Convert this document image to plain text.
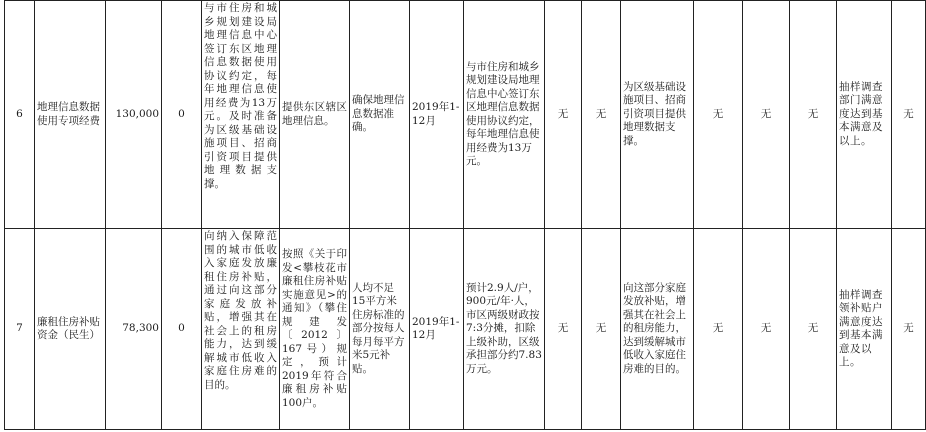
6	地理信息数据使用专项经费	130,000	0	与市住房和城乡规划建设局地理信息中心签订东区地理信息数据使用协议约定，每年地理信息使用经费为13万元。及时准备为区级基础设施项目、招商引资项目提供地理数据支撑。	提供东区辖区地理信息。	确保地理信息数据准确。	2019年1-12月	与市住房和城乡规划建设局地理信息中心签订东区地理信息数据使用协议约定，每年地理信息使用经费为13万元。	无	无	为区级基础设施项目、招商引资项目提供地理数据支撑。	无	无	无	抽样调查部门满意度达到基本满意及以上。	无
7	廉租住房补贴资金（民生）	78,300	0	向纳入保障范围的城市低收入家庭发放廉租住房补贴，通过向这部分家庭发放补贴，增强其在社会上的租房能力，达到缓解城市低收入家庭住房难的目的。	按照《关于印发<攀枝花市廉租住房补贴实施意见>的通知》（攀住规建发〔2012〕167号）规定，预计2019年符合廉租房补贴100户。	人均不足15平方米住房标准的部分按每人每月每平方米5元补贴。	2019年1-12月	预计2.9人/户，900元/年·人，市区两级财政按7:3分摊，扣除上级补助，区级承担部分约7.83万元。	无	无	向这部分家庭发放补贴，增强其在社会上的租房能力，达到缓解城市低收入家庭住房难的目的。	无	无	无	抽样调查领补贴户满意度达到基本满意及以上。	无
